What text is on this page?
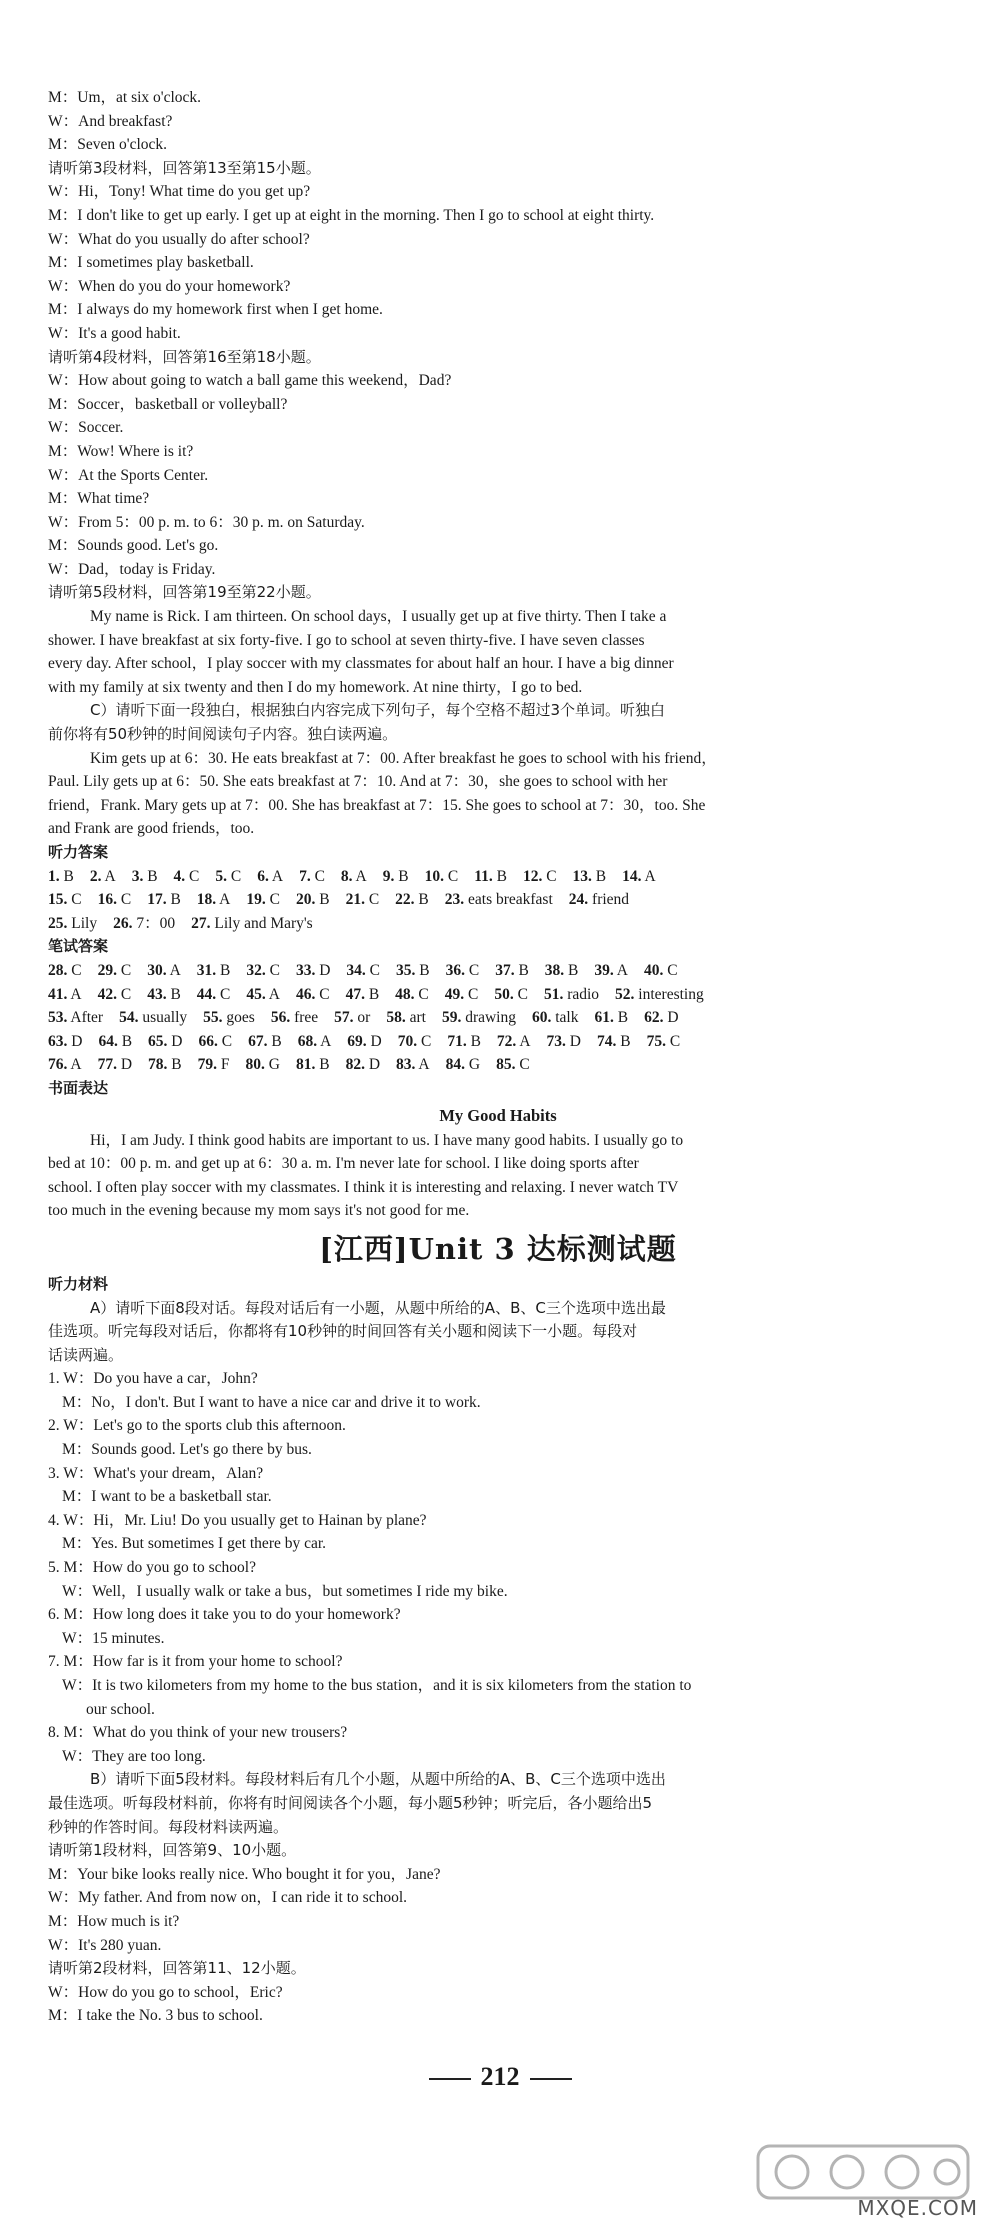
M：Um，at six o'clock.
W：And breakfast?
M：Seven o'clock.
请听第3段材料，回答第13至第15小题。
W：Hi，Tony! What time do you get up?
M：I don't like to get up early. I get up at eight in the morning. Then I go to school at eight thirty.
W：What do you usually do after school?
M：I sometimes play basketball.
W：When do you do your homework?
M：I always do my homework first when I get home.
W：It's a good habit.
请听第4段材料，回答第16至第18小题。
W：How about going to watch a ball game this weekend，Dad?
M：Soccer，basketball or volleyball?
W：Soccer.
M：Wow! Where is it?
W：At the Sports Center.
M：What time?
W：From 5：00 p. m. to 6：30 p. m. on Saturday.
M：Sounds good. Let's go.
W：Dad，today is Friday.
请听第5段材料，回答第19至第22小题。
My name is Rick. I am thirteen. On school days，I usually get up at five thirty. Then I take a
shower. I have breakfast at six forty-five. I go to school at seven thirty-five. I have seven classes
every day. After school，I play soccer with my classmates for about half an hour. I have a big dinner
with my family at six twenty and then I do my homework. At nine thirty，I go to bed.
C）请听下面一段独白，根据独白内容完成下列句子，每个空格不超过3个单词。听独白
前你将有50秒钟的时间阅读句子内容。独白读两遍。
Kim gets up at 6：30. He eats breakfast at 7：00. After breakfast he goes to school with his friend，
Paul. Lily gets up at 6：50. She eats breakfast at 7：10. And at 7：30，she goes to school with her
friend，Frank. Mary gets up at 7：00. She has breakfast at 7：15. She goes to school at 7：30，too. She
and Frank are good friends，too.
听力答案
1. B 2. A 3. B 4. C 5. C 6. A 7. C 8. A 9. B 10. C 11. B 12. C 13. B 14. A
15. C 16. C 17. B 18. A 19. C 20. B 21. C 22. B 23. eats breakfast 24. friend
25. Lily 26. 7：00 27. Lily and Mary's
笔试答案
28. C 29. C 30. A 31. B 32. C 33. D 34. C 35. B 36. C 37. B 38. B 39. A 40. C
41. A 42. C 43. B 44. C 45. A 46. C 47. B 48. C 49. C 50. C 51. radio 52. interesting
53. After 54. usually 55. goes 56. free 57. or 58. art 59. drawing 60. talk 61. B 62. D
63. D 64. B 65. D 66. C 67. B 68. A 69. D 70. C 71. B 72. A 73. D 74. B 75. C
76. A 77. D 78. B 79. F 80. G 81. B 82. D 83. A 84. G 85. C
书面表达
My Good Habits
Hi，I am Judy. I think good habits are important to us. I have many good habits. I usually go to
bed at 10：00 p. m. and get up at 6：30 a. m. I'm never late for school. I like doing sports after
school. I often play soccer with my classmates. I think it is interesting and relaxing. I never watch TV
too much in the evening because my mom says it's not good for me.
[江西]Unit 3 达标测试题
听力材料
A）请听下面8段对话。每段对话后有一小题，从题中所给的A、B、C三个选项中选出最
佳选项。听完每段对话后，你都将有10秒钟的时间回答有关小题和阅读下一小题。每段对
话读两遍。
1. W：Do you have a car，John?
M：No，I don't. But I want to have a nice car and drive it to work.
2. W：Let's go to the sports club this afternoon.
M：Sounds good. Let's go there by bus.
3. W：What's your dream，Alan?
M：I want to be a basketball star.
4. W：Hi，Mr. Liu! Do you usually get to Hainan by plane?
M：Yes. But sometimes I get there by car.
5. M：How do you go to school?
W：Well，I usually walk or take a bus，but sometimes I ride my bike.
6. M：How long does it take you to do your homework?
W：15 minutes.
7. M：How far is it from your home to school?
W：It is two kilometers from my home to the bus station，and it is six kilometers from the station to
our school.
8. M：What do you think of your new trousers?
W：They are too long.
B）请听下面5段材料。每段材料后有几个小题，从题中所给的A、B、C三个选项中选出
最佳选项。听每段材料前，你将有时间阅读各个小题，每小题5秒钟；听完后，各小题给出5
秒钟的作答时间。每段材料读两遍。
请听第1段材料，回答第9、10小题。
M：Your bike looks really nice. Who bought it for you，Jane?
W：My father. And from now on，I can ride it to school.
M：How much is it?
W：It's 280 yuan.
请听第2段材料，回答第11、12小题。
W：How do you go to school，Eric?
M：I take the No. 3 bus to school.
212
MXQE.COM
